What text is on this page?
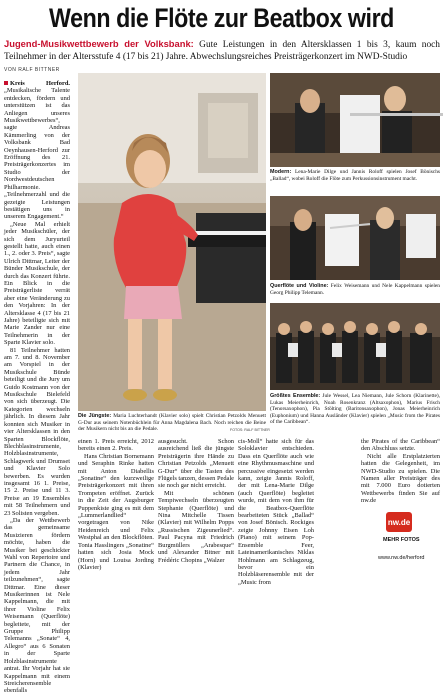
Wenn die Flöte zur Beatbox wird
Jugend-Musikwettbewerb der Volksbank: Gute Leistungen in den Altersklassen 1 bis 3, kaum noch Teilnehmer in der Altersstufe 4 (17 bis 21) Jahre. Abwechslungsreiches Preisträgerkonzert im NWD-Studio
VON RALF BITTNER

Kreis Herford. „Musikalische Talente entdecken, fördern und unterstützen ist das Anliegen unseres Musikwettbewerbes“, sagte Andreas Kämmerling von der Volksbank Bad Oeynhausen-Herford zur Eröffnung des 21. Preisträgerkonzertes im Studio der Nordwestdeutschen Philharmonie. „Teilnehmerzahl und die gezeigte Leistungen bestätigen uns in unserem Engagement.“

„Neue Mal erhielt jeder Musikschüler, der sich dem Juryurteil gestellt hatte, auch einen 1., 2. oder 3. Preis“, sagte Ulrich Dittmar, Leiter der Bünder Musikschule, der durch das Konzert führte. Ein Blick in die Preisträgerliste verrät aber eine Veränderung zu den Vorjahren: In der Altersklasse 4 (17 bis 21 Jahre) beteiligte sich mit Marie Zander nur eine Teilnehmerin in der Sparte Klavier solo.

81 Teilnehmer hatten am 7. und 8. November am Vorspiel in der Musikschule Bünde beteiligt und die Jury um Guido Kostmann von der Musikschule Bielefeld von sich überzeugt. Die Kategorien wechseln jährlich. In diesem Jahr konnten sich Musiker in vier Altersklassen in den Sparten Blockflöte, Blechblasinstrumente, Holzblasinstrumente, Schlagwerk und Drumset und Klavier Solo bewerben. Es wurden insgesamt 16 1. Preise, 15 2. Preise und 11 3. Preise an 19 Ensembles mit 58 Teilnehmern und 23 Solisten vergeben.

„Da der Wettbewerb das gemeinsame Musizieren fördern möchte, haben die Musiker bei geschickter Wahl von Repertoire und Partnern die Chance, in jedem Jahr teilzunehmen“, sagte Dittmar. Eine dieser Musikerinnen ist Nele Kappelmann, die mit ihrer Violine Felix Weisemann (Querflöte) begleitete, mit der Gruppe Philipp Telemanns „Sonate“ 4, Allegro“ aus 6 Sonaten in der Sparte Holzblasinstrumente antrat. Ihr Vorjahr hat sie Kappelmann mit einem Streicherensemble ebenfalls

Die Jüngste: Maria Luchterhandt (Klavier solo) spielt Christian Petzolds Menuett G-Dur aus seinem Notenbüchlein für Anna Magdalena Bach. Noch reichen die Beine der Musikern nicht bis an die Pedale.	FOTOS: RALF BITTNER

einen 1. Preis erreicht, 2012 bereits einen 2. Preis.

Hans Christian Bornemann und Seraphin Rinke hatten mit Anton Diabellis „Sonatine“ den kurzweilige Preisträgerkonzert mit ihren Trompeten eröffnet. Zurück in die Zeit der Augsburger Puppenkiste ging es mit dem „Lummerlandlied“ vorgetragen von Nike Heidenreich und Felix Westphal an den Blockflöten. Tonia Hasslingers „Sonatine“ hatten sich Josia Mock (Horn) und Louisa Jording (Klavier)

ausgesucht. Schon ausreichend ließ die jüngste Preisträgerin ihre Hände zu Christian Petzolds „Menuett G-Dur“ über die Tasten des Flügels tanzen, dessen Pedale sie noch gar nicht erreicht.

Mit schönen Tempiwechseln überzeugten Stephanie (Querflöte) und Nina Mitchelle Tissen (Klavier) mit Wilhelm Popps „Russischen Zigeunerlied“. Paul Pacyna mit Friedrich Burgmüllers „Arabesque“ und Alexander Bitner mit Frédéric Chopins „Walzer

cis-Moll“ hatte sich für das Soloklavier entschieden. Dass ein Querflöte auch wie eine Rhythmusmaschine und percussive eingesetzt werden kann, zeigte Jannis Roloff, der mit Lena-Marie Dilge (auch Querflöte) begleitet wurde, mit dem von ihm für die Beatbox-Querflöte bearbeiteten Stück „Ballad“ von Josef Bönisch. Rockiges zeigte Johnny Eisen Loh (Piano) mit seinem Pop-Ensemble Feer, Lateinamerikanisches Niklas Hohlmann am Schlagzeug, bevor ein Holzbläserensemble mit der „Music from

the Pirates of the Caribbean“ den Abschluss setzte.

Nicht alle Erstplatzierten hatten die Gelegenheit, im NWD-Studio zu spielen. Die Namen aller Preisträger des mit 7.000 Euro dotierten Wettbewerbs finden Sie auf nw.de

Modern: Lena-Marie Dilge und Jannis Roloff spielen Josef Bönischs „Ballad“, wobei Roloff die Flöte zum Perkussionsinstrument macht.
Querflöte und Violine: Felix Weisemann und Nele Kappelmann spielen Georg Philipp Telemann.
Größtes Ensemble: Jule Wessel, Lea Niemann, Jule Schorn (Klarinette), Lukas Meierheinrich, Noah Rosenkranz (Altsaxophon), Marius Frisch (Tenorsaxophon), Pia Stölting (Baritonsaxophon), Jonas Meierheinrich (Euphonium) und Hanna Ausländer (Klavier) spielen „Music from the Pirates of the Caribbean“.
nw.de
MEHR FOTOS
www.nw.de/herford
